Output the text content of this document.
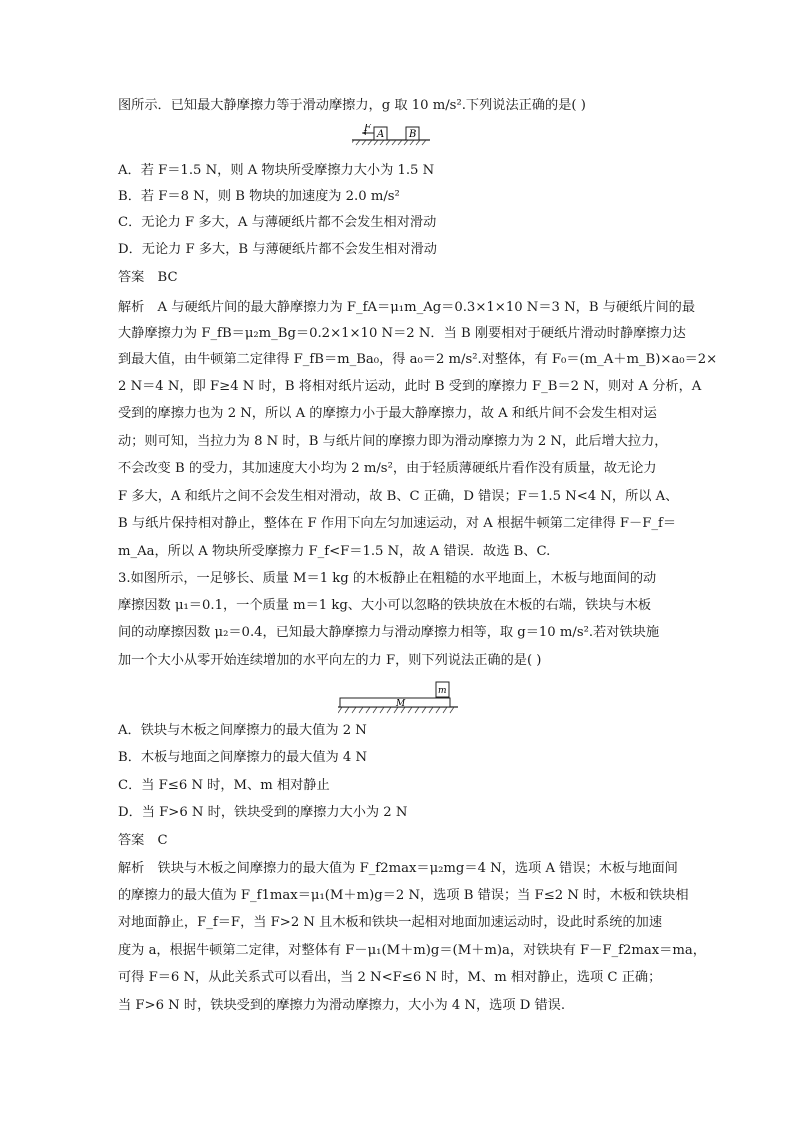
图所示．已知最大静摩擦力等于滑动摩擦力，g 取 10 m/s².下列说法正确的是( )
F
A B
A．若 F＝1.5 N，则 A 物块所受摩擦力大小为 1.5 N
B．若 F＝8 N，则 B 物块的加速度为 2.0 m/s²
C．无论力 F 多大，A 与薄硬纸片都不会发生相对滑动
D．无论力 F 多大，B 与薄硬纸片都不会发生相对滑动
答案　BC
解析　A 与硬纸片间的最大静摩擦力为 F_fA＝μ₁m_Ag＝0.3×1×10 N＝3 N，B 与硬纸片间的最
大静摩擦力为 F_fB＝μ₂m_Bg＝0.2×1×10 N＝2 N．当 B 刚要相对于硬纸片滑动时静摩擦力达
到最大值，由牛顿第二定律得 F_fB＝m_Ba₀，得 a₀＝2 m/s².对整体，有 F₀＝(m_A＋m_B)×a₀＝2×
2 N＝4 N，即 F≥4 N 时，B 将相对纸片运动，此时 B 受到的摩擦力 F_B＝2 N，则对 A 分析，A
受到的摩擦力也为 2 N，所以 A 的摩擦力小于最大静摩擦力，故 A 和纸片间不会发生相对运
动；则可知，当拉力为 8 N 时，B 与纸片间的摩擦力即为滑动摩擦力为 2 N，此后增大拉力，
不会改变 B 的受力，其加速度大小均为 2 m/s²，由于轻质薄硬纸片看作没有质量，故无论力
F 多大，A 和纸片之间不会发生相对滑动，故 B、C 正确，D 错误；F＝1.5 N<4 N，所以 A、
B 与纸片保持相对静止，整体在 F 作用下向左匀加速运动，对 A 根据牛顿第二定律得 F－F_f＝
m_Aa，所以 A 物块所受摩擦力 F_f<F＝1.5 N，故 A 错误．故选 B、C.
3.如图所示，一足够长、质量 M＝1 kg 的木板静止在粗糙的水平地面上，木板与地面间的动
摩擦因数 μ₁＝0.1，一个质量 m＝1 kg、大小可以忽略的铁块放在木板的右端，铁块与木板
间的动摩擦因数 μ₂＝0.4，已知最大静摩擦力与滑动摩擦力相等，取 g＝10 m/s².若对铁块施
加一个大小从零开始连续增加的水平向左的力 F，则下列说法正确的是( )
M
m
A．铁块与木板之间摩擦力的最大值为 2 N
B．木板与地面之间摩擦力的最大值为 4 N
C．当 F≤6 N 时，M、m 相对静止
D．当 F>6 N 时，铁块受到的摩擦力大小为 2 N
答案　C
解析　铁块与木板之间摩擦力的最大值为 F_f2max＝μ₂mg＝4 N，选项 A 错误；木板与地面间
的摩擦力的最大值为 F_f1max＝μ₁(M＋m)g＝2 N，选项 B 错误；当 F≤2 N 时，木板和铁块相
对地面静止，F_f＝F，当 F>2 N 且木板和铁块一起相对地面加速运动时，设此时系统的加速
度为 a，根据牛顿第二定律，对整体有 F－μ₁(M＋m)g＝(M＋m)a，对铁块有 F－F_f2max＝ma，
可得 F＝6 N，从此关系式可以看出，当 2 N<F≤6 N 时，M、m 相对静止，选项 C 正确；
当 F>6 N 时，铁块受到的摩擦力为滑动摩擦力，大小为 4 N，选项 D 错误.
